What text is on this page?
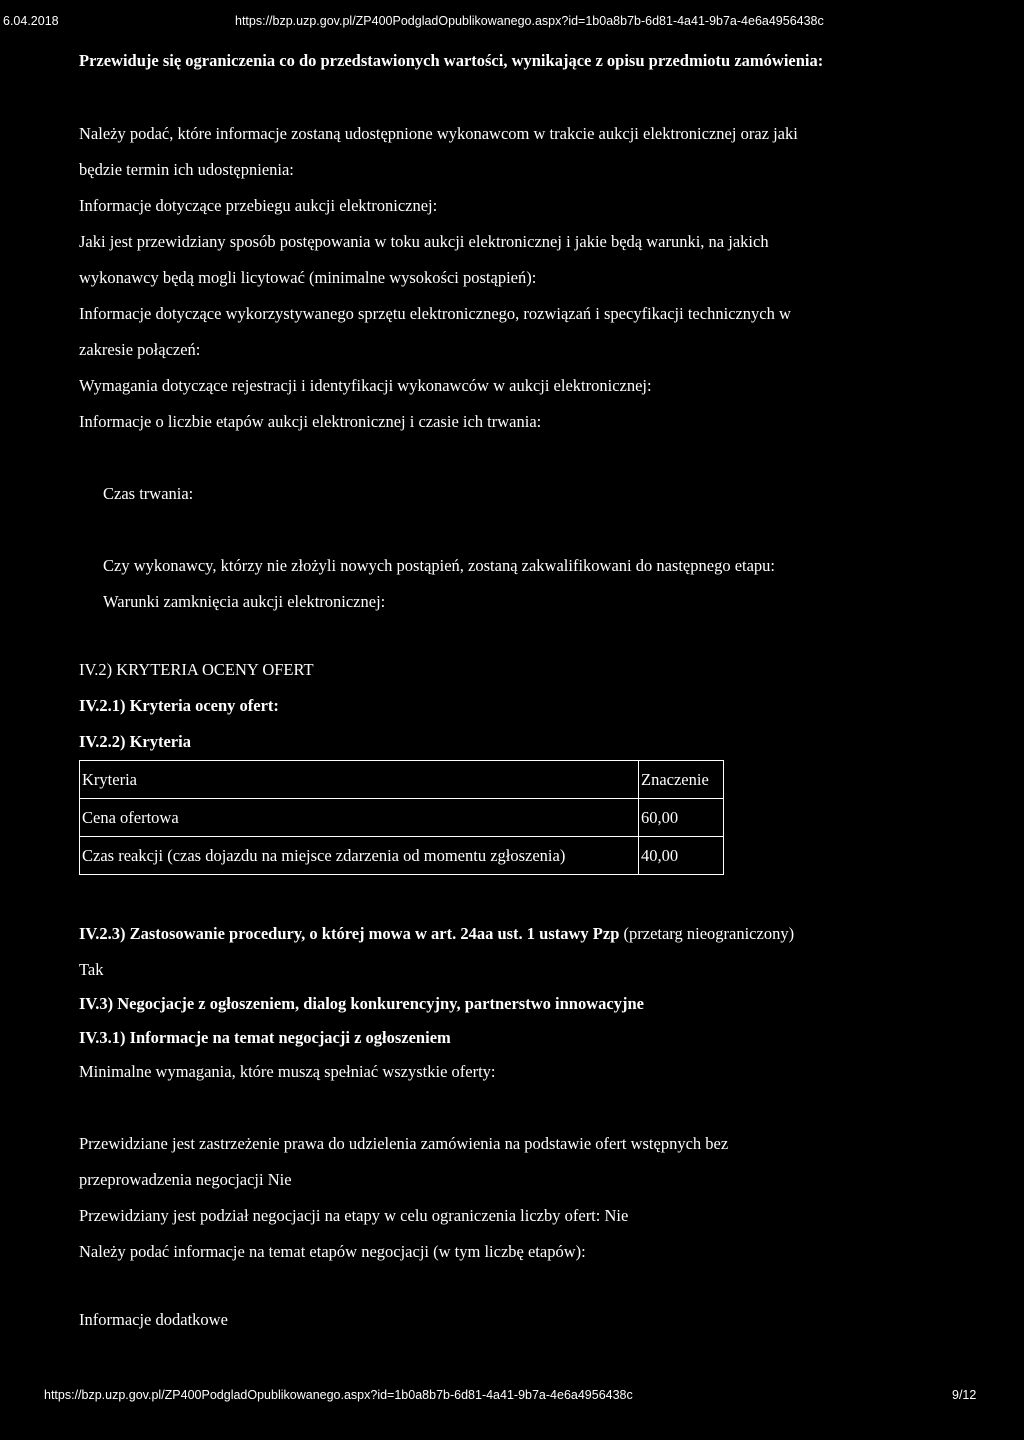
6.04.2018	https://bzp.uzp.gov.pl/ZP400PodgladOpublikowanego.aspx?id=1b0a8b7b-6d81-4a41-9b7a-4e6a4956438c
Przewiduje się ograniczenia co do przedstawionych wartości, wynikające z opisu przedmiotu zamówienia:
Należy podać, które informacje zostaną udostępnione wykonawcom w trakcie aukcji elektronicznej oraz jaki
będzie termin ich udostępnienia:
Informacje dotyczące przebiegu aukcji elektronicznej:
Jaki jest przewidziany sposób postępowania w toku aukcji elektronicznej i jakie będą warunki, na jakich
wykonawcy będą mogli licytować (minimalne wysokości postąpień):
Informacje dotyczące wykorzystywanego sprzętu elektronicznego, rozwiązań i specyfikacji technicznych w
zakresie połączeń:
Wymagania dotyczące rejestracji i identyfikacji wykonawców w aukcji elektronicznej:
Informacje o liczbie etapów aukcji elektronicznej i czasie ich trwania:
Czas trwania:
Czy wykonawcy, którzy nie złożyli nowych postąpień, zostaną zakwalifikowani do następnego etapu:
Warunki zamknięcia aukcji elektronicznej:
IV.2) KRYTERIA OCENY OFERT
IV.2.1) Kryteria oceny ofert:
IV.2.2) Kryteria
Kryteria	Znaczenie
Cena ofertowa	60,00
Czas reakcji (czas dojazdu na miejsce zdarzenia od momentu zgłoszenia)	40,00
IV.2.3) Zastosowanie procedury, o której mowa w art. 24aa ust. 1 ustawy Pzp (przetarg nieograniczony)
Tak
IV.3) Negocjacje z ogłoszeniem, dialog konkurencyjny, partnerstwo innowacyjne
IV.3.1) Informacje na temat negocjacji z ogłoszeniem
Minimalne wymagania, które muszą spełniać wszystkie oferty:
Przewidziane jest zastrzeżenie prawa do udzielenia zamówienia na podstawie ofert wstępnych bez
przeprowadzenia negocjacji Nie
Przewidziany jest podział negocjacji na etapy w celu ograniczenia liczby ofert: Nie
Należy podać informacje na temat etapów negocjacji (w tym liczbę etapów):
Informacje dodatkowe
https://bzp.uzp.gov.pl/ZP400PodgladOpublikowanego.aspx?id=1b0a8b7b-6d81-4a41-9b7a-4e6a4956438c	9/12
